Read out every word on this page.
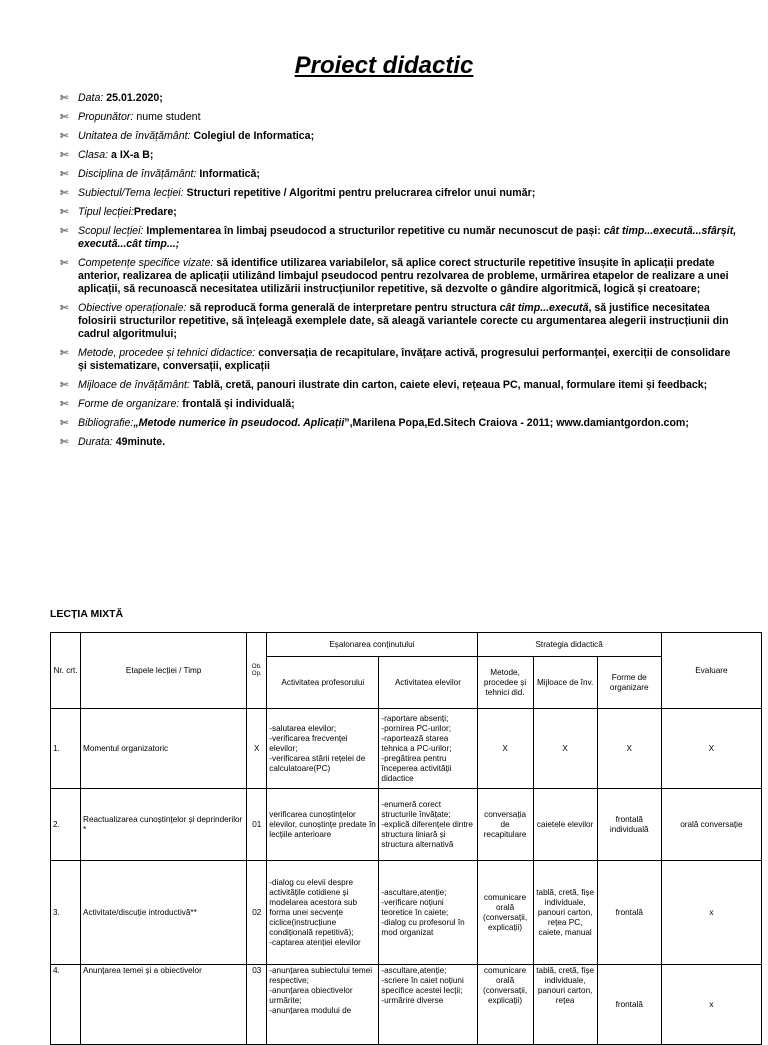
Proiect didactic
✄ Data: 25.01.2020;
✄ Propunător: nume student
✄ Unitatea de învățământ: Colegiul de Informatica;
✄ Clasa: a IX-a B;
✄ Disciplina de învățământ: Informatică;
✄ Subiectul/Tema lecției: Structuri repetitive / Algoritmi pentru prelucrarea cifrelor unui număr;
✄ Tipul lecției:Predare;
✄ Scopul lecției: Implementarea în limbaj pseudocod a structurilor repetitive cu număr necunoscut de pași: cât timp...execută...sfârșit, execută...cât timp...;
✄ Competențe specifice vizate: să identifice utilizarea variabilelor, să aplice corect structurile repetitive însușite în aplicații predate anterior, realizarea de aplicații utilizând limbajul pseudocod pentru rezolvarea de probleme, urmărirea etapelor de realizare a unei aplicații, să recunoască necesitatea utilizării instrucțiunilor repetitive, să dezvolte o gândire algoritmică, logică și creatoare;
✄ Obiective operaționale: să reproducă forma generală de interpretare pentru structura cât timp...execută, să justifice necesitatea folosirii structurilor repetitive, să înțeleagă exemplele date, să aleagă variantele corecte cu argumentarea alegerii instrucțiunii din cadrul algoritmului;
✄ Metode, procedee și tehnici didactice: conversația de recapitulare, învățare activă, progresului performanței, exerciții de consolidare și sistematizare, conversații, explicații
✄ Mijloace de învățământ: Tablă, cretă, panouri ilustrate din carton, caiete elevi, rețeaua PC, manual, formulare itemi și feedback;
✄ Forme de organizare: frontală și individuală;
✄ Bibliografie:„Metode numerice în pseudocod. Aplicații”,Marilena Popa,Ed.Sitech Craiova - 2011; www.damiantgordon.com;
✄ Durata: 49minute.
LECȚIA MIXTĂ
Nr. crt.	Etapele lecției / Timp	Ob. Op.	Eșalonarea conținutului		Strategia didactică			Evaluare
			Activitatea profesorului	Activitatea elevilor	Metode, procedee și tehnici did.	Mijloace de înv.	Forme de organizare	
1.	Momentul organizatoric	X	-salutarea elevilor;
-verificarea frecvenței elevilor;
-verificarea stării rețelei de calculatoare(PC)	-raportare absenți;
-pornirea PC-urilor;
-raportează starea tehnica a PC-urilor;
-pregătirea pentru începerea activității didactice	X	X	X	X
2.	Reactualizarea cunoștințelor și deprinderilor *	01	verificarea cunoștințelor elevilor, cunoștințe predate în lecțiile anterioare	-enumeră corect structurile învățate;
-explică diferențele dintre structura liniară și structura alternativă	conversația de recapitulare	caietele elevilor	frontală individuală	orală conversație
3.	Activitate/discuție introductivă**	02	-dialog cu elevii despre activitățile cotidiene și modelarea acestora sub forma unei secvențe ciclice(instrucțiune condițională repetitivă);
-captarea atenției elevilor	-ascultare,atenție;
-verificare noțiuni teoretice în caiete;
-dialog cu profesorul în mod organizat	comunicare orală (conversații, explicații)	tablă, cretă, fișe individuale, panouri carton, rețea PC, caiete, manual	frontală	x
4.	Anunțarea temei și a obiectivelor	03	-anunțarea subiectului temei respective;
-anunțarea obiectivelor urmărite;
-anunțarea modului de	-ascultare,atenție;
-scriere în caiet noțiuni specifice acestei lecții;
-urmărire diverse	comunicare orală (conversații, explicații)	tablă, cretă, fișe individuale, panouri carton, rețea	frontală	x
